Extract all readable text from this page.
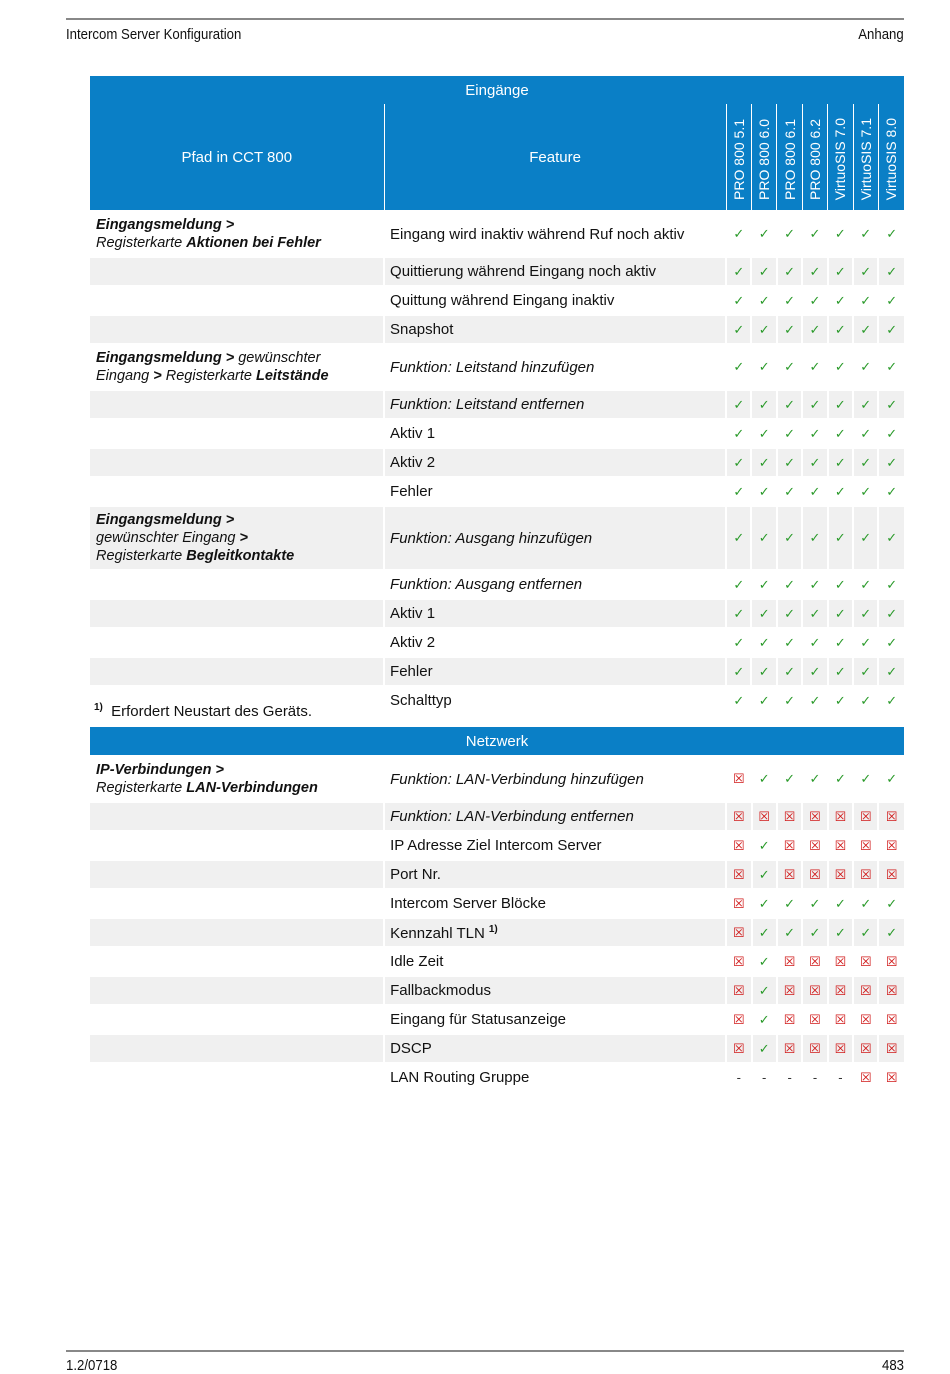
Intercom Server Konfiguration	Anhang
Eingänge								
Pfad in CCT 800	Feature	PRO 800 5.1	PRO 800 6.0	PRO 800 6.1	PRO 800 6.2	VirtuoSIS 7.0	VirtuoSIS 7.1	VirtuoSIS 8.0
Eingangsmeldung >
Registerkarte Aktionen bei Fehler	Eingang wird inaktiv während Ruf noch aktiv	✓	✓	✓	✓	✓	✓	✓
	Quittierung während Eingang noch aktiv	✓	✓	✓	✓	✓	✓	✓
	Quittung während Eingang inaktiv	✓	✓	✓	✓	✓	✓	✓
	Snapshot	✓	✓	✓	✓	✓	✓	✓
Eingangsmeldung > gewünschter
Eingang > Registerkarte Leitstände	Funktion: Leitstand hinzufügen	✓	✓	✓	✓	✓	✓	✓
	Funktion: Leitstand entfernen	✓	✓	✓	✓	✓	✓	✓
	Aktiv 1	✓	✓	✓	✓	✓	✓	✓
	Aktiv 2	✓	✓	✓	✓	✓	✓	✓
	Fehler	✓	✓	✓	✓	✓	✓	✓
Eingangsmeldung >
gewünschter Eingang >
Registerkarte Begleitkontakte	Funktion: Ausgang hinzufügen	✓	✓	✓	✓	✓	✓	✓
	Funktion: Ausgang entfernen	✓	✓	✓	✓	✓	✓	✓
	Aktiv 1	✓	✓	✓	✓	✓	✓	✓
	Aktiv 2	✓	✓	✓	✓	✓	✓	✓
	Fehler	✓	✓	✓	✓	✓	✓	✓
	Schalttyp	✓	✓	✓	✓	✓	✓	✓
$^{1)}$ Erfordert Neustart des Geräts.
Netzwerk								
IP-Verbindungen >
Registerkarte LAN-Verbindungen	Funktion: LAN-Verbindung hinzufügen	☒	✓	✓	✓	✓	✓	✓
	Funktion: LAN-Verbindung entfernen	☒	☒	☒	☒	☒	☒	☒
	IP Adresse Ziel Intercom Server	☒	✓	☒	☒	☒	☒	☒
	Port Nr.	☒	✓	☒	☒	☒	☒	☒
	Intercom Server Blöcke	☒	✓	✓	✓	✓	✓	✓
	Kennzahl TLN $^{1)}$	☒	✓	✓	✓	✓	✓	✓
	Idle Zeit	☒	✓	☒	☒	☒	☒	☒
	Fallbackmodus	☒	✓	☒	☒	☒	☒	☒
	Eingang für Statusanzeige	☒	✓	☒	☒	☒	☒	☒
	DSCP	☒	✓	☒	☒	☒	☒	☒
	LAN Routing Gruppe	-	-	-	-	-	☒	☒
1.2/0718	483
